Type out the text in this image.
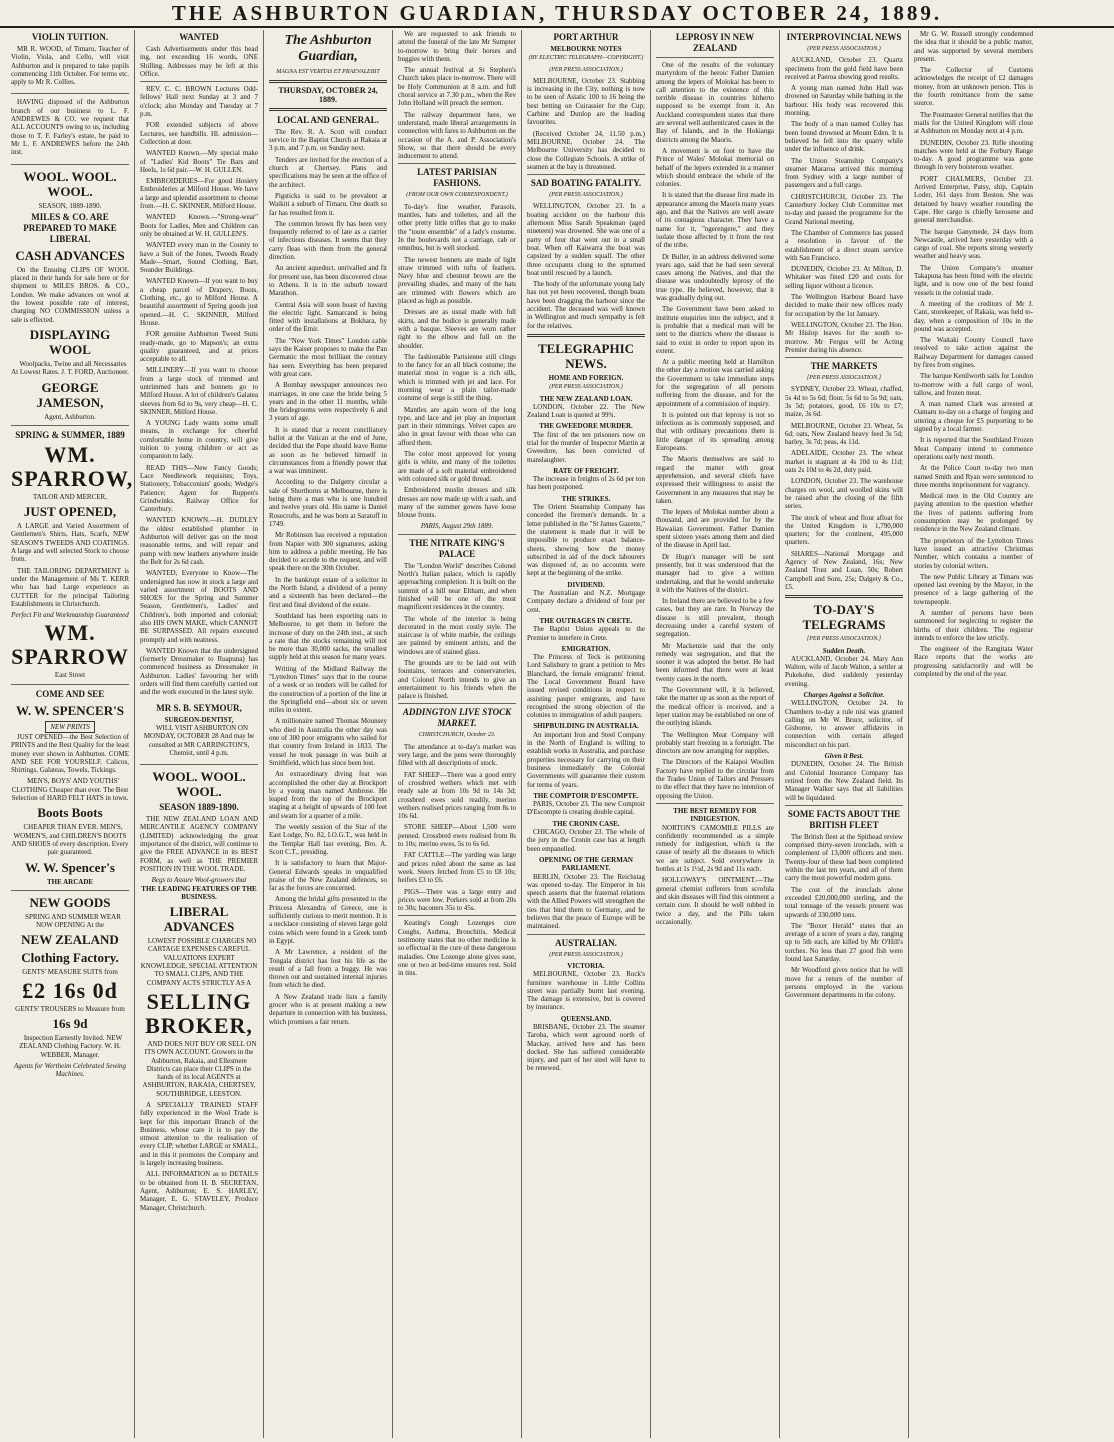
THE ASHBURTON GUARDIAN, THURSDAY OCTOBER 24, 1889.
VIOLIN TUITION.

MR R. WOOD, of Timaru, Teacher of Violin, Viola, and Cello, will visit Ashburton and is prepared to take pupils commencing 11th October. For terms etc. apply to Mr R. Collies.

HAVING disposed of the Ashburton branch of our business to L. F. ANDREWES & CO. we request that ALL ACCOUNTS owing to us, including those to T. F. Farley's estate, be paid to Mr L. F. ANDREWES before the 24th inst.

WOOL. WOOL. WOOL.
SEASON, 1889-1890.
MILES & CO. ARE PREPARED TO MAKE LIBERAL
CASH ADVANCES

On the Ensuing CLIPS OF WOOL placed in their hands for sale here or for shipment to MILES BROS. & CO., London. We make advances on wool at the lowest possible rate of interest, charging NO COMMISSION unless a sale is effected.

DISPLAYING WOOL

Woolpacks, Twine and all Necessaries At Lowest Rates. J. T. FORD, Auctioneer.

GEORGE JAMESON,
Agent, Ashburton.
SPRING & SUMMER, 1889
WM. SPARROW,
TAILOR AND MERCER,
JUST OPENED,

A LARGE and Varied Assortment of Gentlemen's Shirts, Hats, Scarfs, NEW SEASON'S TWEEDS AND COATINGS. A large and well selected Stock to choose from.

THE TAILORING DEPARTMENT is under the Management of Ms T. KERR who has had Large experience as CUTTER for the principal Tailoring Establishments in Christchurch.

Perfect Fit and Workmanship Guaranteed
WM. SPARROW
East Street
COME AND SEE
W. W. SPENCER'S
NEW PRINTS

JUST OPENED—the Best Selection of PRINTS and the Best Quality for the least money ever shown in Ashburton. COME AND SEE FOR YOURSELF. Calicos, Shirtings, Galateas, Towels, Tickings.

MEN'S, BOYS' AND YOUTHS' CLOTHING Cheaper than ever. The Best Selection of HARD FELT HATS in town.

Boots Boots

CHEAPER THAN EVER. MEN'S, WOMEN'S, and CHILDREN'S BOOTS AND SHOES of every description. Every pair guaranteed.

W. W. Spencer's
THE ARCADE
NEW GOODS

SPRING AND SUMMER WEAR NOW OPENING At the

NEW ZEALAND
Clothing Factory.
GENTS' MEASURE SUITS from
£2 16s 0d
GENTS' TROUSERS to Measure from
16s 9d

Inspection Earnestly Invited. NEW ZEALAND Clothing Factory. W. H. WEBBER, Manager.

Agents for Wertheim Celebrated Sewing Machines.
WANTED

Cash Advertisements under this head ing, not exceeding 16 words, ONE Shilling. Addresses may be left at this Office.

REV. C. C. BROWN Lectures Odd-fellows' Hall next Sunday at 3 and 7 o'clock; also Monday and Tuesday at 7 p.m.

FOR extended subjects of above Lectures, see handbills. Hl. admission—Collection at door.

WANTED Known.—My special make of "Ladies' Kid Boots" Tie Bars and Heels, 1s 6d pair.—W. H. GULLEN.

EMBROIDERIES—For good Hosiery Embroideries at Milford House. We have a large and splendid assortment to choose from.—H. C. SKINNER, Milford House.

WANTED Known.—"Strong-wear" Boots for Ladies, Men and Children can only be obtained at W. H. GULLEN'S.

WANTED every man in the County to have a Suit of the Jones, Tweeds Ready Made—Smart, Sound Clothing, Bart, Sounder Buildings.

WANTED Known—If you want to buy a cheap parcel of Drapery, Boots, Clothing, etc., go to Milford House. A beautiful assortment of Spring goods just opened.—H. C. SKINNER, Milford House.

FOR genuine Ashburton Tweed Suits ready-made, go to Mapson's; an extra quality guaranteed, and at prices acceptable to all.

MILLINERY—If you want to choose from a large stock of trimmed and untrimmed hats and bonnets go to Milford House. A lot of children's Galatea sleeves from 6d to 9s, very cheap—H. C. SKINNER, Milford House.

A YOUNG Lady wants some small means, in exchange for cheerful comfortable home in country, will give tuition to young children or act as companion to lady.

READ THIS—New Fancy Goods; Lace Needlework requisites; Toys, Stationery, Tobacconists' goods; Wedge's Patience; Agent for Ruppen's Grindwinks. Railway Office for Canterbury.

WANTED KNOWN.—H. DUDLEY the oldest established plumber in Ashburton will deliver gas on the most reasonable terms, and will repair and pump with new leathers anywhere inside the Belt for 2s 6d cash.

WANTED, Everyone to Know—The undersigned has now in stock a large and varied assortment of BOOTS AND SHOES for the Spring and Summer Season, Gentlemen's, Ladies' and Children's, both imported and colonial; also HIS OWN MAKE, which CANNOT BE SURPASSED. All repairs executed promptly and with neatness.

WANTED Known that the undersigned (formerly Dressmaker to Ruapuna) has commenced business as Dressmaker in Ashburton. Ladies' favouring her with orders will find them carefully carried out and the work executed in the latest style.

MR S. B. SEYMOUR,
SURGEON-DENTIST,

WILL VISIT ASHBURTON ON MONDAY, OCTOBER 28 And may be consulted at MR CARRINGTON'S, Chemist, until 4 p.m.

WOOL. WOOL. WOOL.
SEASON 1889-1890.

THE NEW ZEALAND LOAN AND MERCANTILE AGENCY COMPANY (LIMITED) acknowledging the great importance of the district, will continue to give the FREE ADVANCE in its BEST FORM, as well as THE PREMIER POSITION IN THE WOOL TRADE.

Begs to Assure Wool-growers that
THE LEADING FEATURES OF THE BUSINESS.
LIBERAL ADVANCES

LOWEST POSSIBLE CHARGES NO CARTAGE EXPENSES CAREFUL VALUATIONS EXPERT KNOWLEDGE, SPECIAL ATTENTION TO SMALL CLIPS, AND THE COMPANY ACTS STRICTLY AS A

SELLING BROKER,

AND DOES NOT BUY OR SELL ON ITS OWN ACCOUNT. Growers in the Ashburton, Rakaia, and Ellesmere Districts can place their CLIPS in the hands of its local AGENTS at ASHBURTON, RAKAIA, CHERTSEY, SOUTHBRIDGE, LEESTON.

A SPECIALLY TRAINED STAFF fully experienced in the Wool Trade is kept for this important Branch of the Business, whose care it is to pay the utmost attention to the realisation of every CLIP, whether LARGE or SMALL, and in this it promotes the Company and is largely increasing business.

ALL INFORMATION as to DETAILS to be obtained from H. B. SECRETAN, Agent, Ashburton; E. S. HARLEY, Manager, E. G. STAVELEY, Produce Manager, Christchurch.

The Ashburton Guardian,
MAGNA EST VERITAS ET PRAEVALEBIT
THURSDAY, OCTOBER 24, 1889.
LOCAL AND GENERAL.

The Rev. R. A. Scott will conduct service in the Baptist Church at Rakaia at 3 p.m. and 7 p.m. on Sunday next.

Tenders are invited for the erection of a church at Chertsey. Plans and specifications may be seen at the office of the architect.

Pigsticks is said to be prevalent at Waikiti a suburb of Timaru. One death so far has resulted from it.

The common brown fly has been very frequently referred to of late as a carrier of infectious diseases. It seems that they carry fleas with them from the general direction.

An ancient aqueduct, unrivalled and fit for present use, has been discovered close to Athens. It is in the suburb toward Marathon.

Central Asia will soon boast of having the electric light. Samarcand is being fitted with installations at Bokhara, by order of the Emir.

The "New York Times" London cable says the Kaiser proposes to make the Pan Germanic the most brilliant the century has seen. Everything has been prepared with great care.

A Bombay newspaper announces two marriages, in one case the bride being 5 years and in the other 11 months, while the bridegrooms were respectively 6 and 3 years of age.

It is stated that a recent conciliatory ballot at the Vatican at the end of June, decided that the Pope should leave Rome as soon as he believed himself in circumstances from a friendly power that a war was imminent.

According to the Dalgetty circular a sale of Shorthorns at Melbourne, there is being there a man who is one hundred and twelve years old. His name is Daniel Rosecrofts, and he was born at Saratoff in 1749.

Mr Robinson has received a reputation from Napier with 300 signatures, asking him to address a public meeting. He has decided to accede to the request, and will speak there on the 30th October.

In the bankrupt estate of a solicitor in the North Island, a dividend of a penny and a sixteenth has been declared—the first and final dividend of the estate.

Southland has been exporting oats to Melbourne, to get them in before the increase of duty on the 24th inst., at such a rate that the stocks remaining will not be more than 30,000 sacks, the smallest supply held at this season for many years.

Writing of the Midland Railway the "Lyttelton Times" says that in the course of a week or so tenders will be called for the construction of a portion of the line at the Springfield end—about six or seven miles in extent.

A millionaire named Thomas Mounsey who died in Australia the other day was one of 300 poor emigrants who sailed for that country from Ireland in 1833. The vessel he took passage in was built at Smithfield, which has since been lost.

An extraordinary diving feat was accomplished the other day at Brockport by a young man named Ambrose. He leaped from the top of the Brockport staging at a height of upwards of 100 feet and swam for a quarter of a mile.

The weekly session of the Star of the East Lodge, No. 82, I.O.G.T., was held in the Templar Hall last evening, Bro. A. Scott C.T., presiding.

It is satisfactory to learn that Major-General Edwards speaks in unqualified praise of the New Zealand defences, so far as the forces are concerned.

Among the bridal gifts presented to the Princess Alexandra of Greece, one is sufficiently curious to merit mention. It is a necklace consisting of eleven large gold coins which were found in a Greek tomb in Egypt.

A Mr Lawrence, a resident of the Tongala district has lost his life as the result of a fall from a buggy. He was thrown out and sustained internal injuries from which he died.

A New Zealand trade lists a family grocer who is at present making a new departure in connection with his business, which promises a fair return.

We are requested to ask friends to attend the funeral of the late Mr Sumpter to-morrow to bring their horses and buggies with them.

The annual festival at St Stephen's Church takes place to-morrow. There will be Holy Communion at 8 a.m. and full choral service at 7.30 p.m., when the Rev John Holland will preach the sermon.

The railway department here, we understand, made liberal arrangements in connection with fares to Ashburton on the occasion of the A. and P. Association's Show, so that there should be every inducement to attend.

LATEST PARISIAN FASHIONS.
(FROM OUR OWN CORRESPONDENT.)

To-day's fine weather, Parasols, mantles, hats and toilettes, and all the other pretty little trifles that go to make the "toute ensemble" of a lady's costume. In the boulevards not a carriage, cab or omnibus, but is well stocked.

The newest bonnets are made of light straw trimmed with tufts of feathers. Navy blue and chestnut brown are the prevailing shades, and many of the hats are trimmed with flowers which are placed as high as possible.

Dresses are as usual made with full skirts, and the bodice is generally made with a basque. Sleeves are worn rather tight to the elbow and full on the shoulder.

The fashionable Parisienne still clings to the fancy for an all black costume; the material most in vogue is a rich silk, which is trimmed with jet and lace. For morning wear a plain tailor-made costume of serge is still the thing.

Mantles are again worn of the long type, and lace and jet play an important part in their trimmings. Velvet capes are also in great favour with those who can afford them.

The color most approved for young girls is white, and many of the toilettes are made of a soft material embroidered with coloured silk or gold thread.

Embroidered muslin dresses and silk dresses are now made up with a sash, and many of the summer gowns have loose blouse fronts.

PARIS, August 29th 1889.
THE NITRATE KING'S PALACE

The "London World" describes Colonel North's Italian palace, which is rapidly approaching completion. It is built on the summit of a hill near Eltham, and when finished will be one of the most magnificent residences in the country.

The whole of the interior is being decorated in the most costly style. The staircase is of white marble, the ceilings are painted by eminent artists, and the windows are of stained glass.

The grounds are to be laid out with fountains, terraces and conservatories, and Colonel North intends to give an entertainment to his friends when the palace is finished.

ADDINGTON LIVE STOCK MARKET.
CHRISTCHURCH, October 23.

The attendance at to-day's market was very large, and the pens were thoroughly filled with all descriptions of stock.

FAT SHEEP—There was a good entry of crossbred wethers which met with ready sale at from 10s 9d to 14s 3d; crossbred ewes sold readily, merino wethers realised prices ranging from 8s to 10s 6d.

STORE SHEEP—About 1,500 were penned. Crossbred ewes realised from 8s to 10s; merino ewes, 5s to 6s 6d.

FAT CATTLE—The yarding was large and prices ruled about the same as last week. Steers fetched from £5 to £8 10s; heifers £3 to £6.

PIGS—There was a large entry and prices were low. Porkers sold at from 20s to 30s; baconers 35s to 45s.

Keating's Cough Lozenges cure Coughs, Asthma, Bronchitis. Medical testimony states that no other medicine is so effectual in the cure of these dangerous maladies. One Lozenge alone gives ease, one or two at bed-time ensures rest. Sold in tins.

PORT ARTHUR
MELBOURNE NOTES
(BY ELECTRIC TELEGRAPH—COPYRIGHT.)
(PER PRESS ASSOCIATION.)

MELBOURNE, October 23. Stabbing is increasing in the City, nothing is now to be seen of Asiatic 100 to 16 being the best betting on Cuirassier for the Cup; Carbine and Dunlop are the leading favourites.

(Received October 24, 11.50 p.m.) MELBOURNE, October 24. The Melbourne University has decided to close the Collegiate Schools. A strike of seamen at the bay is threatened.

SAD BOATING FATALITY.
(PER PRESS ASSOCIATION.)

WELLINGTON, October 23. In a boating accident on the harbour this afternoon Miss Sarah Speakman (aged nineteen) was drowned. She was one of a party of four that went out in a small boat. When off Kaiwarra the boat was capsized by a sudden squall. The other three occupants clung to the upturned boat until rescued by a launch.

The body of the unfortunate young lady has not yet been recovered, though boats have been dragging the harbour since the accident. The deceased was well known in Wellington and much sympathy is felt for the relatives.

TELEGRAPHIC NEWS.
HOME AND FOREIGN.
(PER PRESS ASSOCIATION.)
THE NEW ZEALAND LOAN.

LONDON, October 22. The New Zealand Loan is quoted at 99¾.

THE GWEEDORE MURDER.

The first of the ten prisoners now on trial for the murder of Inspector Martin at Gweedore, has been convicted of manslaughter.

RATE OF FREIGHT.

The increase in freights of 2s 6d per ton has been postponed.

THE STRIKES.

The Orient Steamship Company has conceded the firemen's demands. In a letter published in the "St James Gazette," the statement is made that it will be impossible to produce exact balance-sheets, showing how the money subscribed in aid of the dock labourers was disposed of, as no accounts were kept at the beginning of the strike.

DIVIDEND.

The Australian and N.Z. Mortgage Company declare a dividend of four per cent.

THE OUTRAGES IN CRETE.

The Baptist Union appeals to the Premier to interfere in Crete.

EMIGRATION.

The Princess of Teck is petitioning Lord Salisbury to grant a petition to Mrs Blanchard, the female emigrants' friend. The Local Government Board have issued revised conditions in respect to assisting pauper emigrants, and have recognised the strong objection of the colonies to immigration of adult paupers.

SHIPBUILDING IN AUSTRALIA.

An important Iron and Steel Company in the North of England is willing to establish works in Australia, and purchase properties necessary for carrying on their business immediately the Colonial Governments will guarantee their custom for terms of years.

THE COMPTOIR D'ESCOMPTE.

PARIS, October 23. The new Comptoir D'Escompte is creating double capital.

THE CRONIN CASE.

CHICAGO, October 23. The whole of the jury in the Cronin case has at length been empanelled.

OPENING OF THE GERMAN PARLIAMENT.

BERLIN, October 23. The Reichstag was opened to-day. The Emperor in his speech asserts that the fraternal relations with the Allied Powers will strengthen the ties that bind them to Germany, and he believes that the peace of Europe will be maintained.

AUSTRALIAN.
(PER PRESS ASSOCIATION.)
VICTORIA.

MELBOURNE, October 23. Rock's furniture warehouse in Little Collins street was partially burnt last evening. The damage is extensive, but is covered by insurance.

QUEENSLAND.

BRISBANE, October 23. The steamer Taroba, which went aground north of Mackay, arrived here and has been docked. She has suffered considerable injury, and part of her steel will have to be renewed.

LEPROSY IN NEW ZEALAND

One of the results of the voluntary martyrdom of the heroic Father Damien among the lepers of Molokai has been to call attention to the existence of this terrible disease in countries hitherto supposed to be exempt from it. An Auckland correspondent states that there are several well authenticated cases in the Bay of Islands, and in the Hokianga districts among the Maoris.

A movement is on foot to have the Prince of Wales' Molokai memorial on behalf of the lepers extended in a manner which should embrace the whole of the colonies.

It is stated that the disease first made its appearance among the Maoris many years ago, and that the Natives are well aware of its contagious character. They have a name for it, "ngerengere," and they isolate those affected by it from the rest of the tribe.

Dr Buller, in an address delivered some years ago, said that he had seen several cases among the Natives, and that the disease was undoubtedly leprosy of the true type. He believed, however, that it was gradually dying out.

The Government have been asked to institute enquiries into the subject, and it is probable that a medical man will be sent to the districts where the disease is said to exist in order to report upon its extent.

At a public meeting held at Hamilton the other day a motion was carried asking the Government to take immediate steps for the segregation of all persons suffering from the disease, and for the appointment of a commission of inquiry.

It is pointed out that leprosy is not so infectious as is commonly supposed, and that with ordinary precautions there is little danger of its spreading among Europeans.

The Maoris themselves are said to regard the matter with great apprehension, and several chiefs have expressed their willingness to assist the Government in any measures that may be taken.

The lepers of Molokai number about a thousand, and are provided for by the Hawaiian Government. Father Damien spent sixteen years among them and died of the disease in April last.

Dr Hugo's manager will be sent presently, but it was understood that the manager had to give a written undertaking, and that he would undertake it with the Natives of the district.

In Ireland there are believed to be a few cases, but they are rare. In Norway the disease is still prevalent, though decreasing under a careful system of segregation.

Mr Mackenzie said that the only remedy was segregation, and that the sooner it was adopted the better. He had been informed that there were at least twenty cases in the north.

The Government will, it is believed, take the matter up as soon as the report of the medical officer is received, and a leper station may be established on one of the outlying islands.

The Wellington Meat Company will probably start freezing in a fortnight. The directors are now arranging for supplies.

The Directors of the Kaiapoi Woollen Factory have replied to the circular from the Trades Union of Tailors and Pressers to the effect that they have no intention of opposing the Union.

THE BEST REMEDY FOR INDIGESTION.

NORTON'S CAMOMILE PILLS are confidently recommended as a simple remedy for indigestion, which is the cause of nearly all the diseases to which we are subject. Sold everywhere in bottles at 1s 1½d, 2s 9d and 11s each.

HOLLOWAY'S OINTMENT.—The general chemist sufferers from scrofula and skin diseases will find this ointment a certain cure. It should be well rubbed in twice a day, and the Pills taken occasionally.

INTERPROVINCIAL NEWS
(PER PRESS ASSOCIATION.)

AUCKLAND, October 23. Quartz specimens from the gold field have been received at Paeroa showing good results.

A young man named John Hall was drowned on Saturday while bathing in the harbour. His body was recovered this morning.

The body of a man named Colley has been found drowned at Mount Eden. It is believed he fell into the quarry while under the influence of drink.

The Union Steamship Company's steamer Mararoa arrived this morning from Sydney with a large number of passengers and a full cargo.

CHRISTCHURCH, October 23. The Canterbury Jockey Club Committee met to-day and passed the programme for the Grand National meeting.

The Chamber of Commerce has passed a resolution in favour of the establishment of a direct steam service with San Francisco.

DUNEDIN, October 23. At Milton, D. Whitaker was fined £20 and costs for selling liquor without a licence.

The Wellington Harbour Board have decided to make their new offices ready for occupation by the 1st January.

WELLINGTON, October 23. The Hon. Mr Hislop leaves for the south to-morrow. Mr Fergus will be Acting Premier during his absence.

THE MARKETS
[PER PRESS ASSOCIATION.]

SYDNEY, October 23. Wheat, chaffed, 5s 4d to 5s 6d; flour, 5s 6d to 5s 9d; oats, 3s 5d; potatoes, good, £6 10s to £7; maize, 3s 6d.

MELBOURNE, October 23. Wheat, 5s 6d; oats, New Zealand heavy feed 3s 5d; barley, 3s 7d; peas, 4s 11d.

ADELAIDE, October 23. The wheat market is stagnant at 4s 10d to 4s 11d; oats 2s 10d to 4s 2d, duty paid.

LONDON, October 23. The warehouse charges on wool, and woolled skins will be raised after the closing of the fifth series.

The stock of wheat and flour afloat for the United Kingdom is 1,790,000 quarters; for the continent, 495,000 quarters.

SHARES—National Mortgage and Agency of New Zealand, 16s; New Zealand Trust and Loan, 50s; Robert Campbell and Sons, 25s; Dalgety & Co., £5.

TO-DAY'S TELEGRAMS
[PER PRESS ASSOCIATION.]
Sudden Death.

AUCKLAND, October 24. Mary Ann Walton, wife of Jacob Walton, a settler at Pukekohe, died suddenly yesterday evening.

Charges Against a Solicitor.

WELLINGTON, October 24. In Chambers to-day a rule nisi was granted calling on Mr W. Bruce, solicitor, of Gisborne, to answer affidavits in connection with certain alleged misconduct on his part.

Given it Best.

DUNEDIN, October 24. The British and Colonial Insurance Company has retired from the New Zealand field. Its Manager Walker says that all liabilities will be liquidated.

SOME FACTS ABOUT THE BRITISH FLEET

The British fleet at the Spithead review comprised thirty-seven ironclads, with a complement of 13,000 officers and men. Twenty-four of these had been completed within the last ten years, and all of them carry the most powerful modern guns.

The cost of the ironclads alone exceeded £20,000,000 sterling, and the total tonnage of the vessels present was upwards of 330,000 tons.

The "Boxer Herald" states that an average of a score of years a day, ranging up to 5th each, are killed by Mr O'Hill's torches. No less than 27 good fish were found last Saturday.

Mr Woodford gives notice that he will move for a return of the number of persons employed in the various Government departments in the colony.

Mr G. W. Russell strongly condemned the idea that it should be a public matter, and was supported by several members present.

The Collector of Customs acknowledges the receipt of £2 damages money, from an unknown person. This is the fourth remittance from the same source.

The Postmaster General notifies that the mails for the United Kingdom will close at Ashburton on Monday next at 4 p.m.

DUNEDIN, October 23. Rifle shooting matches were held at the Forbury Range to-day. A good programme was gone through in very boisterous weather.

PORT CHALMERS, October 23. Arrived Enterprise, Patsy, ship, Captain Loder, 161 days from Boston. She was detained by heavy weather rounding the Cape. Her cargo is chiefly kerosene and general merchandise.

The barque Ganymede, 24 days from Newcastle, arrived here yesterday with a cargo of coal. She reports strong westerly weather and heavy seas.

The Union Company's steamer Takapuna has been fitted with the electric light, and is now one of the best found vessels in the colonial trade.

A meeting of the creditors of Mr J. Cant, storekeeper, of Rakaia, was held to-day, when a composition of 10s in the pound was accepted.

The Waitaki County Council have resolved to take action against the Railway Department for damages caused by fires from engines.

The barque Kenilworth sails for London to-morrow with a full cargo of wool, tallow, and frozen meat.

A man named Clark was arrested at Oamaru to-day on a charge of forging and uttering a cheque for £5 purporting to be signed by a local farmer.

It is reported that the Southland Frozen Meat Company intend to commence operations early next month.

At the Police Court to-day two men named Smith and Ryan were sentenced to three months imprisonment for vagrancy.

Medical men in the Old Country are paying attention to the question whether the lives of patients suffering from consumption may be prolonged by residence in the New Zealand climate.

The proprietors of the Lyttelton Times have issued an attractive Christmas Number, which contains a number of stories by colonial writers.

The new Public Library at Timaru was opened last evening by the Mayor, in the presence of a large gathering of the townspeople.

A number of persons have been summoned for neglecting to register the births of their children. The registrar intends to enforce the law strictly.

The engineer of the Rangitata Water Race reports that the works are progressing satisfactorily and will be completed by the end of the year.
